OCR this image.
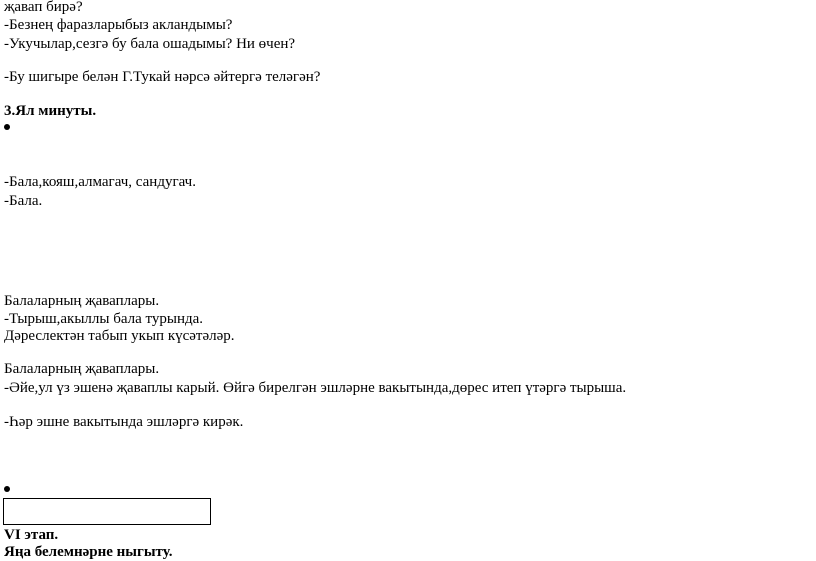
җавап бирә?
-Безнең фаразларыбыз акландымы?
-Укучылар,сезгә бу бала ошадымы? Ни өчен?
-Бу шигыре белән Г.Тукай нәрсә әйтергә теләгән?
3.Ял минуты.
-Бала,кояш,алмагач, сандугач.
-Бала.
Балаларның җаваплары.
-Тырыш,акыллы бала турында.
Дәреслектән табып укып күсәтәләр.
Балаларның җаваплары.
-Әйе,ул үз эшенә җаваплы карый. Өйгә бирелгән эшләрне вакытында,дөрес итеп үтәргә тырыша.
-Һәр эшне вакытында эшләргә кирәк.
VI этап.
Яңа белемнәрне ныгыту.
